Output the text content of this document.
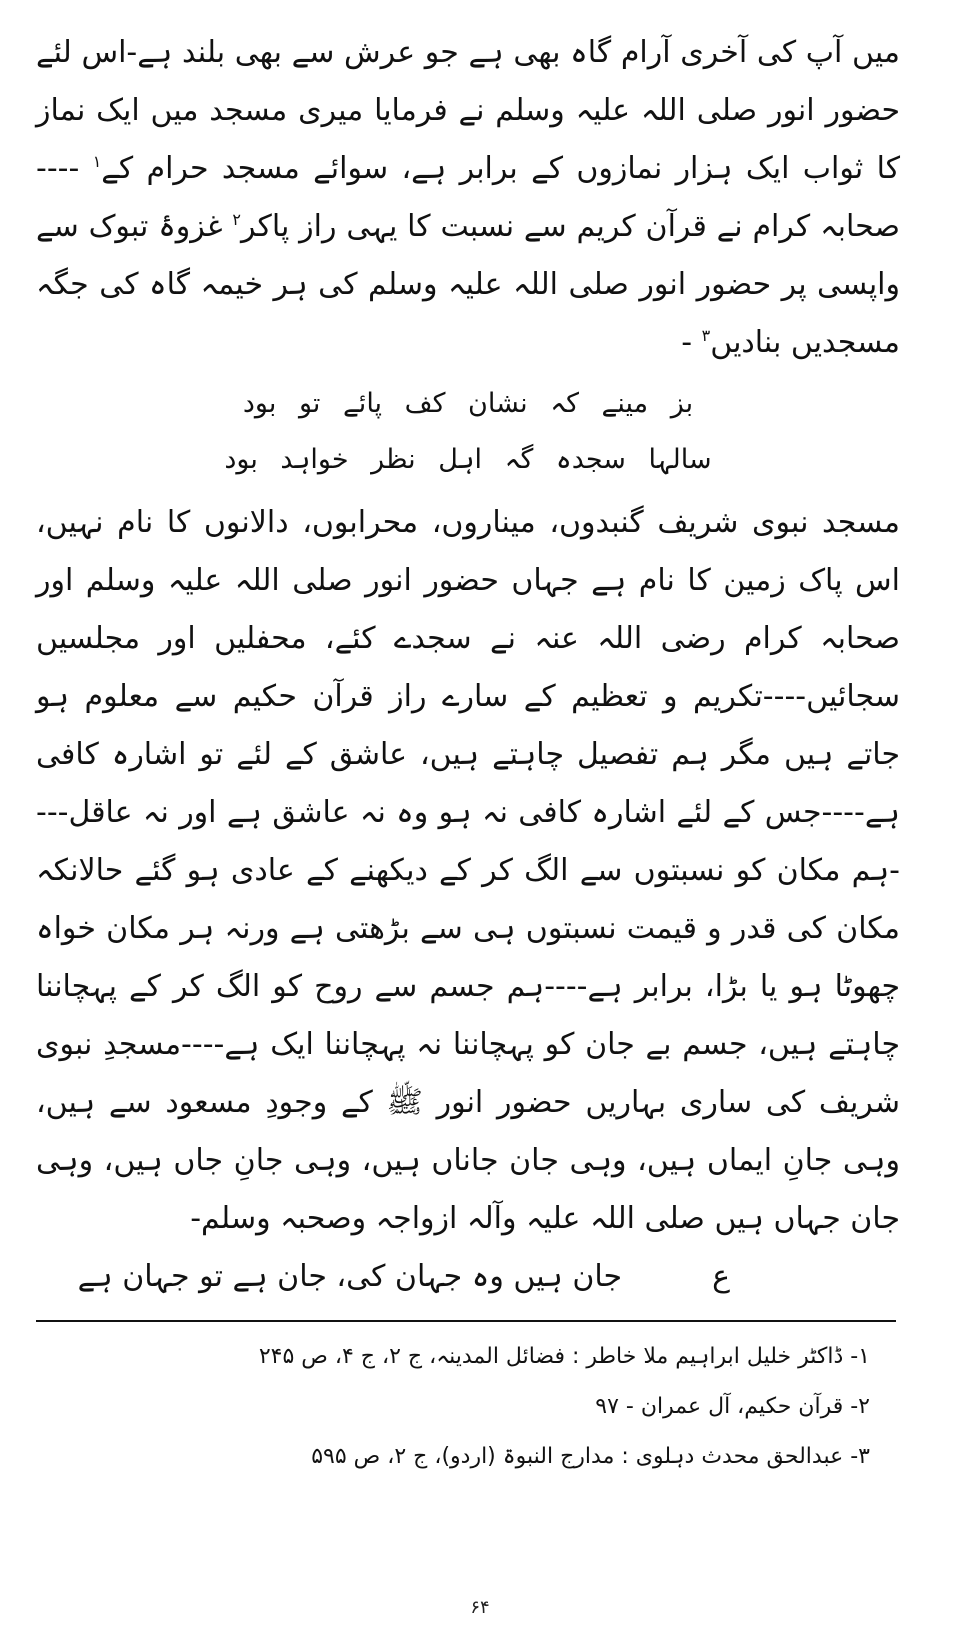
میں آپ کی آخری آرام گاہ بھی ہے جو عرش سے بھی بلند ہے-اس لئے حضور انور صلی اللہ علیہ وسلم نے فرمایا میری مسجد میں ایک نماز کا ثواب ایک ہزار نمازوں کے برابر ہے، سوائے مسجد حرام کے$^۱$ ----صحابہ کرام نے قرآن کریم سے نسبت کا یہی راز پاکر$^۲$ غزوۂ تبوک سے واپسی پر حضور انور صلی اللہ علیہ وسلم کی ہر خیمہ گاہ کی جگہ مسجدیں بنادیں$^۳$ -

بز مینے کہ نشان کف پائے تو بود

سالہا سجدہ گہ اہل نظر خواہد بود

مسجد نبوی شریف گنبدوں، میناروں، محرابوں، دالانوں کا نام نہیں، اس پاک زمین کا نام ہے جہاں حضور انور صلی اللہ علیہ وسلم اور صحابہ کرام رضی اللہ عنہ نے سجدے کئے، محفلیں اور مجلسیں سجائیں----تکریم و تعظیم کے سارے راز قرآن حکیم سے معلوم ہو جاتے ہیں مگر ہم تفصیل چاہتے ہیں، عاشق کے لئے تو اشارہ کافی ہے----جس کے لئے اشارہ کافی نہ ہو وہ نہ عاشق ہے اور نہ عاقل----ہم مکان کو نسبتوں سے الگ کر کے دیکھنے کے عادی ہو گئے حالانکہ مکان کی قدر و قیمت نسبتوں ہی سے بڑھتی ہے ورنہ ہر مکان خواہ چھوٹا ہو یا بڑا، برابر ہے----ہم جسم سے روح کو الگ کر کے پہچاننا چاہتے ہیں، جسم بے جان کو پہچاننا نہ پہچاننا ایک ہے----مسجدِ نبوی شریف کی ساری بہاریں حضور انور ﷺ کے وجودِ مسعود سے ہیں، وہی جانِ ایماں ہیں، وہی جان جاناں ہیں، وہی جانِ جاں ہیں، وہی جان جہاں ہیں صلی اللہ علیہ وآلہ ازواجہ وصحبہ وسلم-

ع
جان ہیں وہ جہان کی، جان ہے تو جہان ہے

۱- ڈاکٹر خلیل ابراہیم ملا خاطر : فضائل المدینہ، ج ۲، ج ۴، ص ۲۴۵
۲- قرآن حکیم، آل عمران - ۹۷
۳- عبدالحق محدث دہلوی : مدارج النبوۃ (اردو)، ج ۲، ص ۵۹۵
۶۴
